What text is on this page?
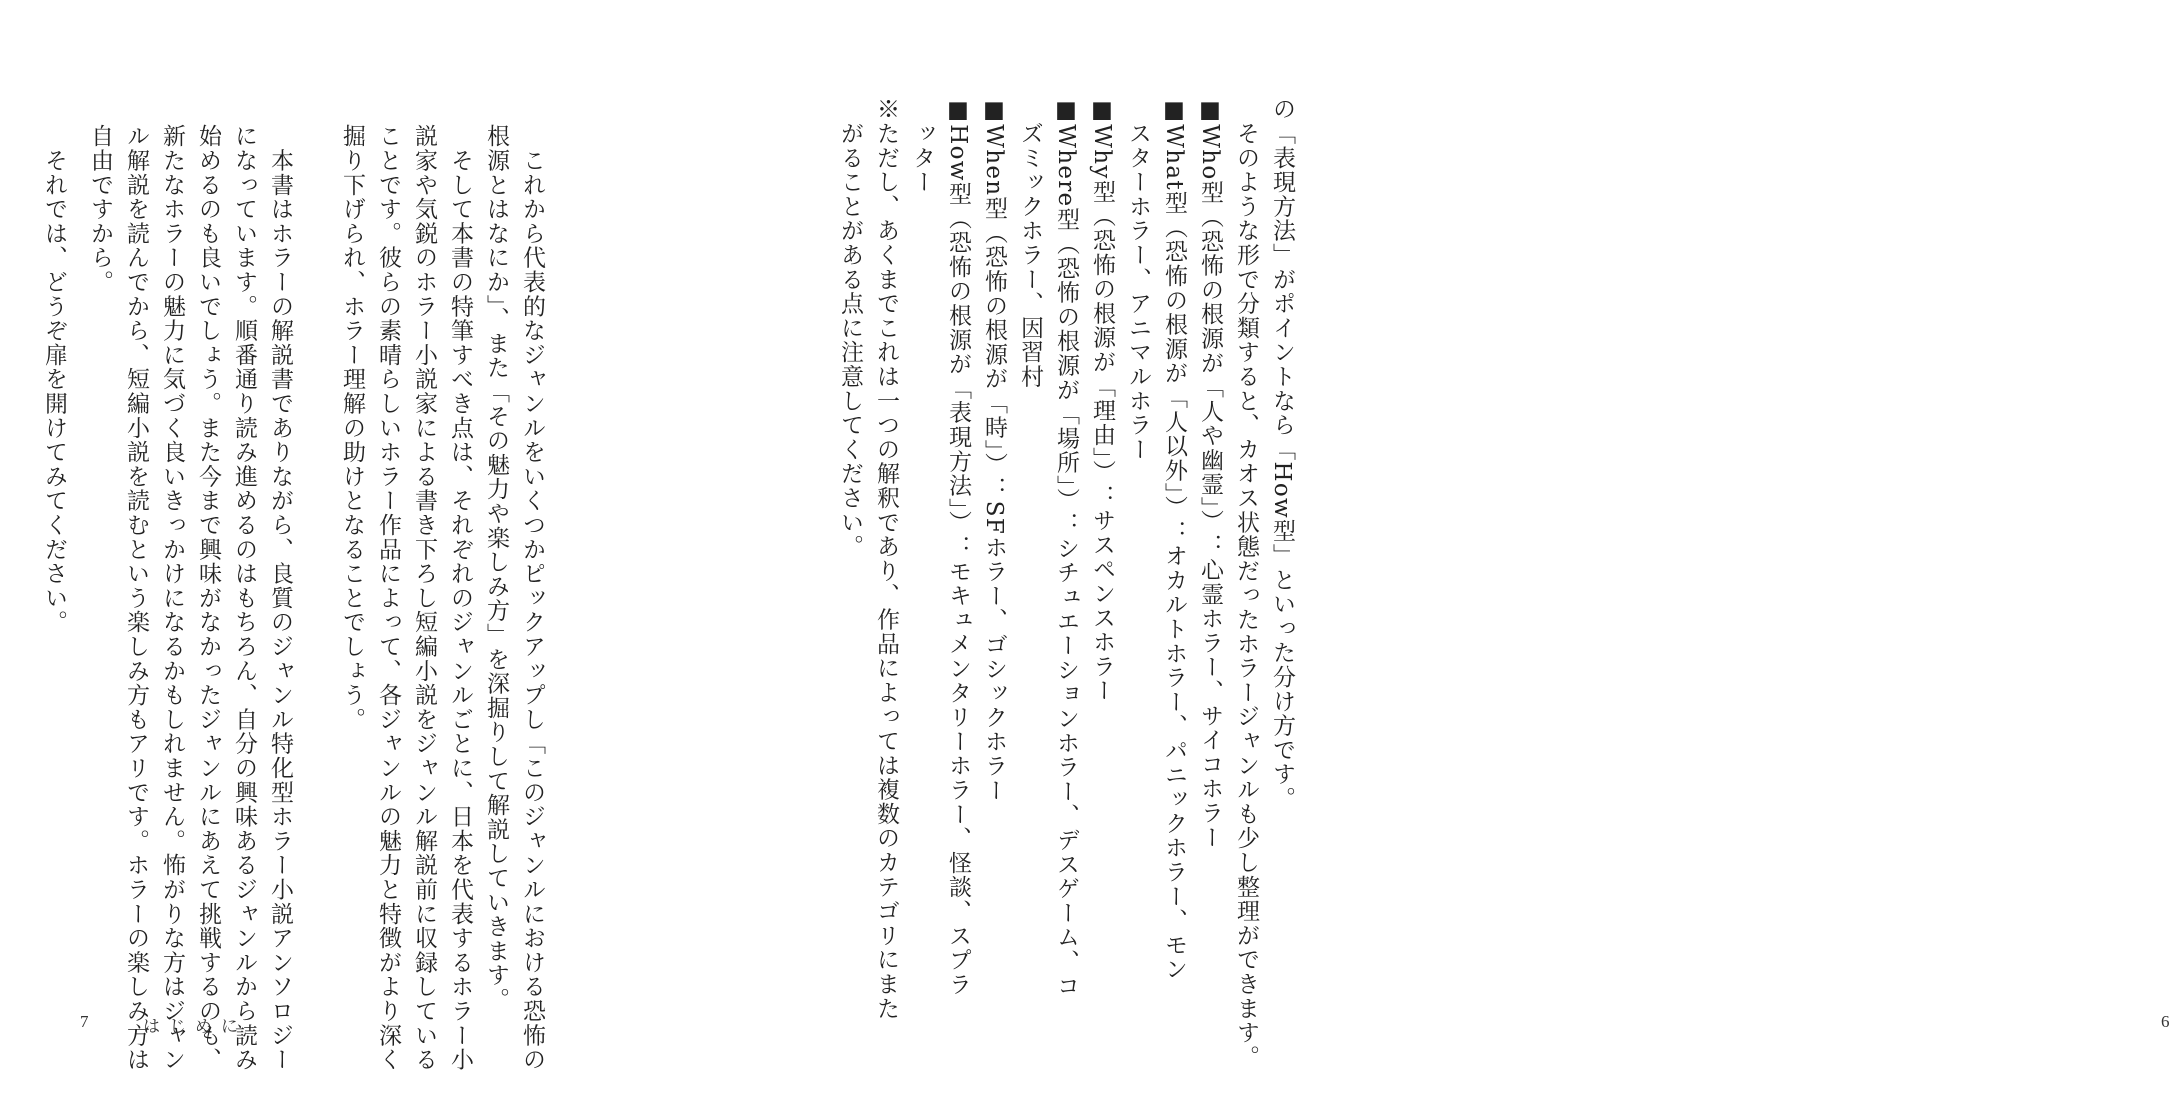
の「表現方法」がポイントなら「How型」といった分け方です。
　そのような形で分類すると、カオス状態だったホラージャンルも少し整理ができます。
■Who型（恐怖の根源が「人や幽霊」）：心霊ホラー、サイコホラー
■What型（恐怖の根源が「人以外」）：オカルトホラー、パニックホラー、モン
　スターホラー、アニマルホラー
■Why型（恐怖の根源が「理由」）：サスペンスホラー
■Where型（恐怖の根源が「場所」）：シチュエーションホラー、デスゲーム、コ
　ズミックホラー、因習村
■When型（恐怖の根源が「時」）：SFホラー、ゴシックホラー
■How型（恐怖の根源が「表現方法」）：モキュメンタリーホラー、怪談、スプラ
　ッター
※ただし、あくまでこれは一つの解釈であり、作品によっては複数のカテゴリにまた
　がることがある点に注意してください。

6

　これから代表的なジャンルをいくつかピックアップし「このジャンルにおける恐怖の
根源とはなにか」、また「その魅力や楽しみ方」を深掘りして解説していきます。
　そして本書の特筆すべき点は、それぞれのジャンルごとに、日本を代表するホラー小
説家や気鋭のホラー小説家による書き下ろし短編小説をジャンル解説前に収録している
ことです。彼らの素晴らしいホラー作品によって、各ジャンルの魅力と特徴がより深く
掘り下げられ、ホラー理解の助けとなることでしょう。

　本書はホラーの解説書でありながら、良質のジャンル特化型ホラー小説アンソロジー
になっています。順番通り読み進めるのはもちろん、自分の興味あるジャンルから読み
始めるのも良いでしょう。また今まで興味がなかったジャンルにあえて挑戦するのも、
新たなホラーの魅力に気づく良いきっかけになるかもしれません。怖がりな方はジャン
ル解説を読んでから、短編小説を読むという楽しみ方もアリです。ホラーの楽しみ方は
自由ですから。

　それでは、どうぞ扉を開けてみてください。

7	はじめに
